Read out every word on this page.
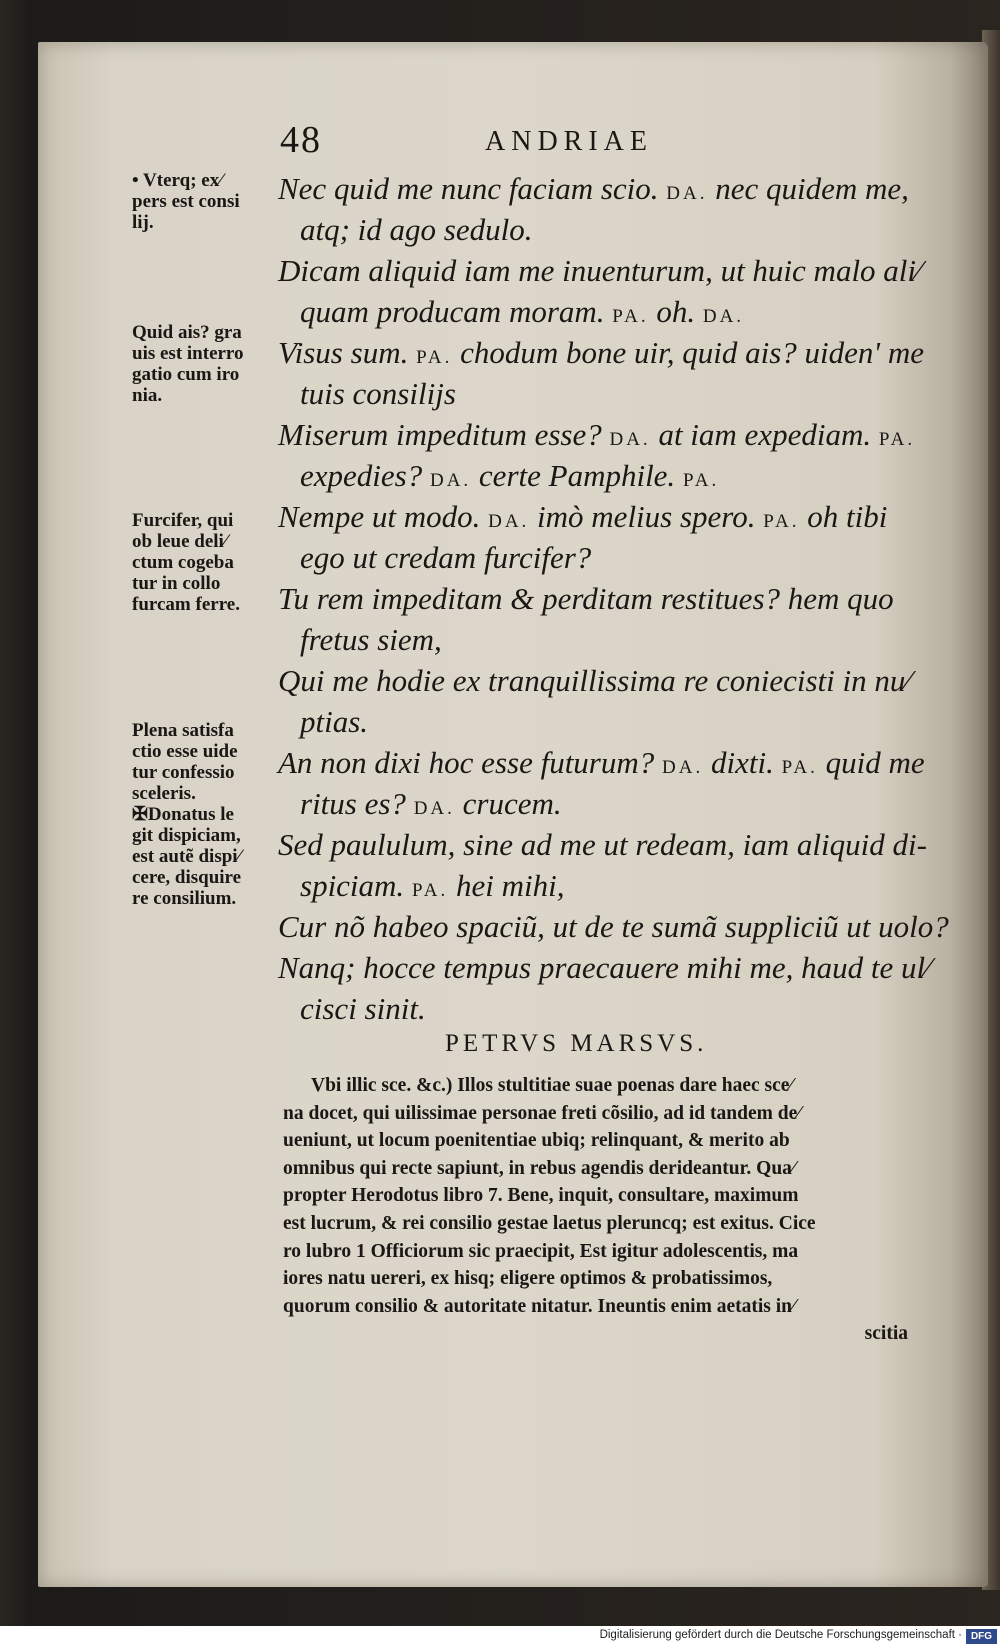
48	ANDRIAE
• Vterq; ex⁄
pers est consi
lij.
Quid ais? gra
uis est interro
gatio cum iro
nia.
Furcifer, qui
ob leue deli⁄
ctum cogeba
tur in collo
furcam ferre.
Plena satisfa
ctio esse uide
tur confessio
sceleris.
✠Donatus le
git dispiciam,
est autẽ dispi⁄
cere, disquire
re consilium.
Nec quid me nunc faciam scio. DA. nec quidem me,
atq; id ago sedulo.
Dicam aliquid iam me inuenturum, ut huic malo ali⁄
quam producam moram. PA. oh. DA.
Visus sum. PA. chodum bone uir, quid ais? uiden' me
tuis consilijs
Miserum impeditum esse? DA. at iam expediam. PA.
expedies? DA. certe Pamphile. PA.
Nempe ut modo. DA. imò melius spero. PA. oh tibi
ego ut credam furcifer?
Tu rem impeditam & perditam restitues? hem quo
fretus siem,
Qui me hodie ex tranquillissima re coniecisti in nu⁄
ptias.
An non dixi hoc esse futurum? DA. dixti. PA. quid me
ritus es? DA. crucem.
Sed paululum, sine ad me ut redeam, iam aliquid di-
spiciam. PA. hei mihi,
Cur nõ habeo spaciũ, ut de te sumã suppliciũ ut uolo?
Nanq; hocce tempus praecauere mihi me, haud te ul⁄
cisci sinit.
PETRVS MARSVS.
Vbi illic sce. &c.) Illos stultitiae suae poenas dare haec sce⁄
na docet, qui uilissimae personae freti cõsilio, ad id tandem de⁄
ueniunt, ut locum poenitentiae ubiq; relinquant, & merito ab
omnibus qui recte sapiunt, in rebus agendis derideantur. Qua⁄
propter Herodotus libro 7. Bene, inquit, consultare, maximum
est lucrum, & rei consilio gestae laetus pleruncq; est exitus. Cice
ro lubro 1 Officiorum sic praecipit, Est igitur adolescentis, ma
iores natu uereri, ex hisq; eligere optimos & probatissimos,
quorum consilio & autoritate nitatur. Ineuntis enim aetatis in⁄
scitia
Digitalisierung gefördert durch die Deutsche Forschungsgemeinschaft · DFG
